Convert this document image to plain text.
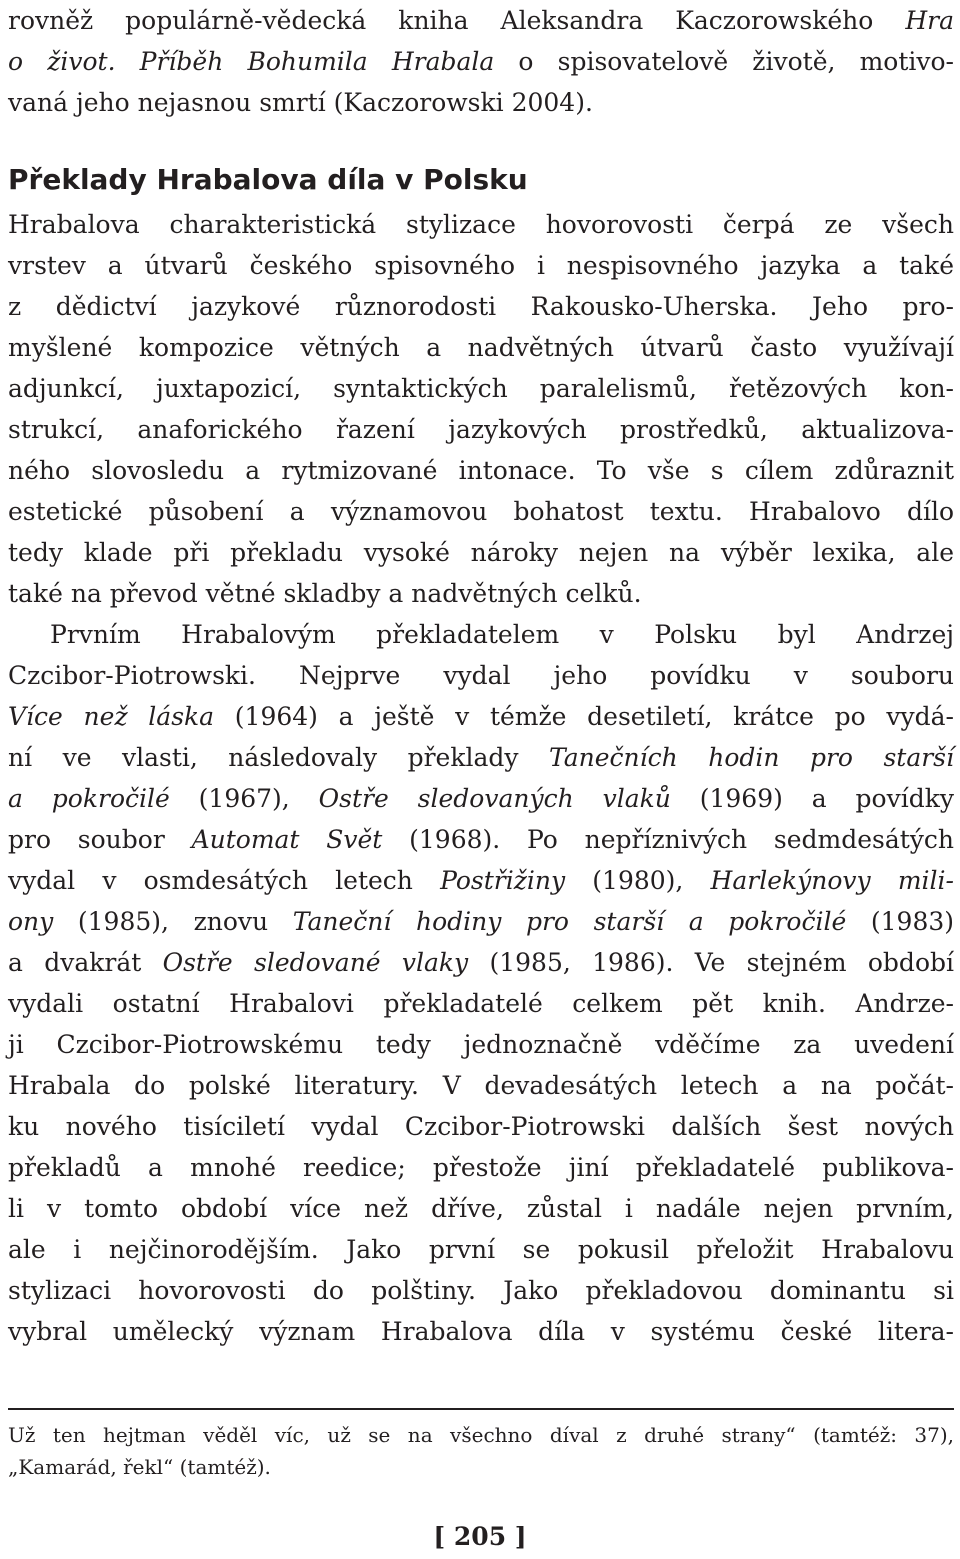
rovněž populárně-vědecká kniha Aleksandra Kaczorowského Hra
o život. Příběh Bohumila Hrabala o spisovatelově životě, motivo-
vaná jeho nejasnou smrtí (Kaczorowski 2004).
Překlady Hrabalova díla v Polsku
Hrabalova charakteristická stylizace hovorovosti čerpá ze všech
vrstev a útvarů českého spisovného i nespisovného jazyka a také
z dědictví jazykové různorodosti Rakousko-Uherska. Jeho pro-
myšlené kompozice větných a nadvětných útvarů často využívají
adjunkcí, juxtapozicí, syntaktických paralelismů, řetězových kon-
strukcí, anaforického řazení jazykových prostředků, aktualizova-
ného slovosledu a rytmizované intonace. To vše s cílem zdůraznit
estetické působení a významovou bohatost textu. Hrabalovo dílo
tedy klade při překladu vysoké nároky nejen na výběr lexika, ale
také na převod větné skladby a nadvětných celků.
Prvním Hrabalovým překladatelem v Polsku byl Andrzej
Czcibor-Piotrowski. Nejprve vydal jeho povídku v souboru
Více než láska (1964) a ještě v témže desetiletí, krátce po vydá-
ní ve vlasti, následovaly překlady Tanečních hodin pro starší
a pokročilé (1967), Ostře sledovaných vlaků (1969) a povídky
pro soubor Automat Svět (1968). Po nepříznivých sedmdesátých
vydal v osmdesátých letech Postřižiny (1980), Harlekýnovy mili-
ony (1985), znovu Taneční hodiny pro starší a pokročilé (1983)
a dvakrát Ostře sledované vlaky (1985, 1986). Ve stejném období
vydali ostatní Hrabalovi překladatelé celkem pět knih. Andrze-
ji Czcibor-Piotrowskému tedy jednoznačně vděčíme za uvedení
Hrabala do polské literatury. V devadesátých letech a na počát-
ku nového tisíciletí vydal Czcibor-Piotrowski dalších šest nových
překladů a mnohé reedice; přestože jiní překladatelé publikova-
li v tomto období více než dříve, zůstal i nadále nejen prvním,
ale i nejčinorodějším. Jako první se pokusil přeložit Hrabalovu
stylizaci hovorovosti do polštiny. Jako překladovou dominantu si
vybral umělecký význam Hrabalova díla v systému české litera-
Už ten hejtman věděl víc, už se na všechno díval z druhé strany“ (tamtéž: 37),
„Kamarád, řekl“ (tamtéž).
[ 205 ]
